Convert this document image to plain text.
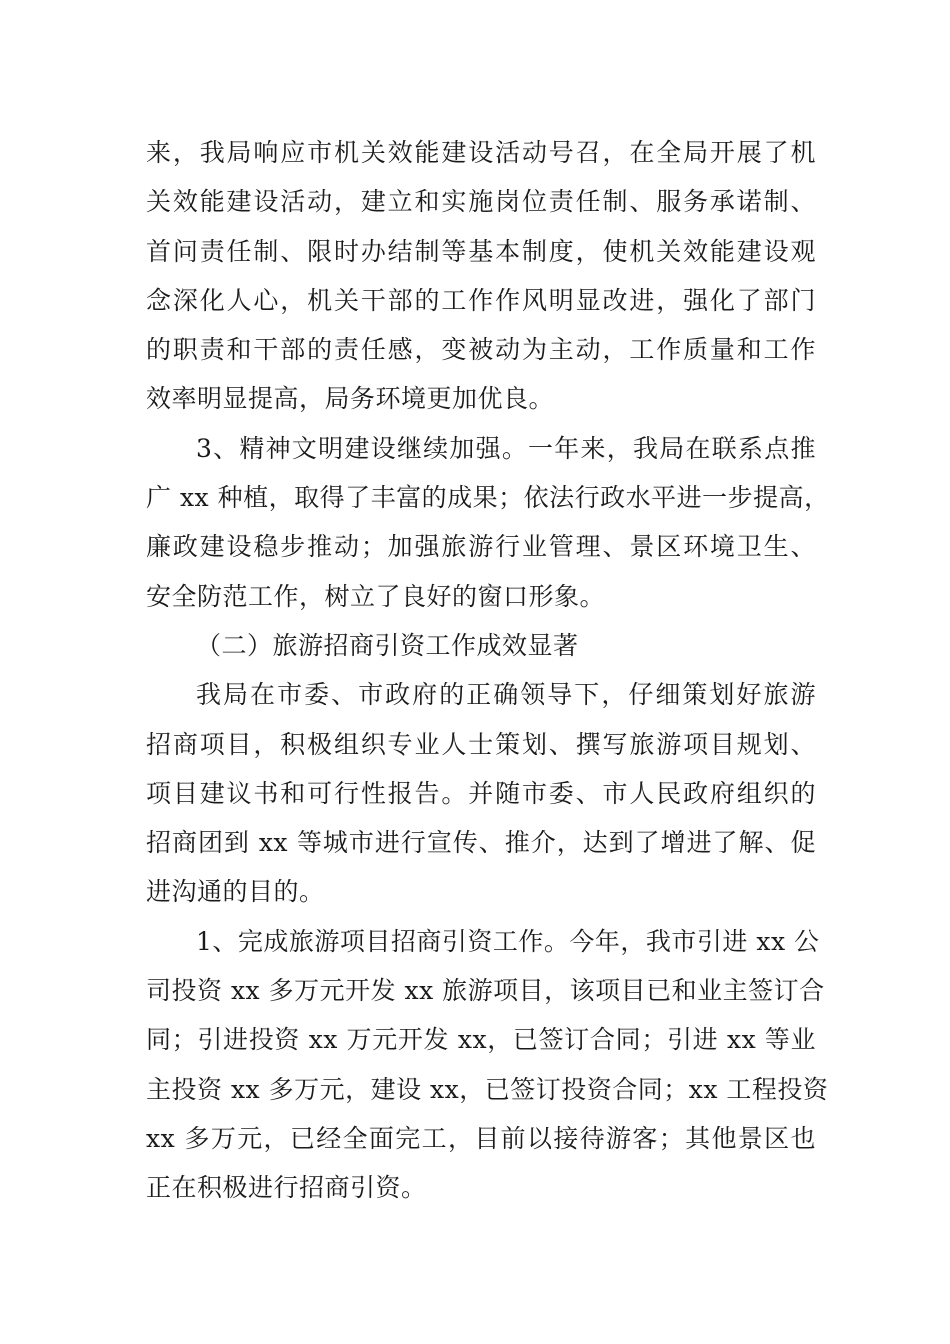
来，我局响应市机关效能建设活动号召，在全局开展了机
关效能建设活动，建立和实施岗位责任制、服务承诺制、
首问责任制、限时办结制等基本制度，使机关效能建设观
念深化人心，机关干部的工作作风明显改进，强化了部门
的职责和干部的责任感，变被动为主动，工作质量和工作
效率明显提高，局务环境更加优良。
3、精神文明建设继续加强。一年来，我局在联系点推
广 xx 种植，取得了丰富的成果；依法行政水平进一步提高，
廉政建设稳步推动；加强旅游行业管理、景区环境卫生、
安全防范工作，树立了良好的窗口形象。
（二）旅游招商引资工作成效显著
我局在市委、市政府的正确领导下，仔细策划好旅游
招商项目，积极组织专业人士策划、撰写旅游项目规划、
项目建议书和可行性报告。并随市委、市人民政府组织的
招商团到 xx 等城市进行宣传、推介，达到了增进了解、促
进沟通的目的。
1、完成旅游项目招商引资工作。今年，我市引进 xx 公
司投资 xx 多万元开发 xx 旅游项目，该项目已和业主签订合
同；引进投资 xx 万元开发 xx，已签订合同；引进 xx 等业
主投资 xx 多万元，建设 xx，已签订投资合同；xx 工程投资
xx 多万元，已经全面完工，目前以接待游客；其他景区也
正在积极进行招商引资。
